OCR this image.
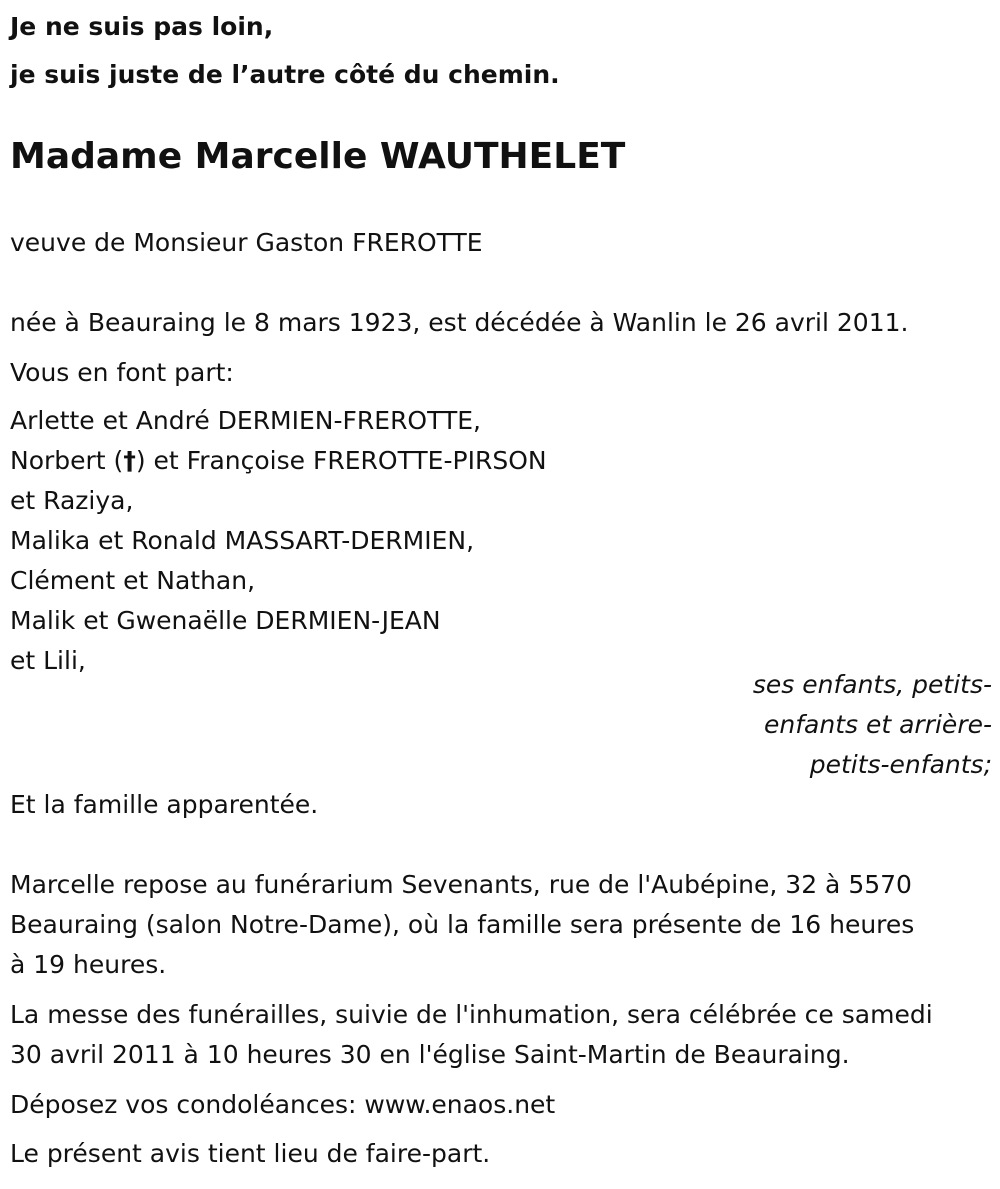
Je ne suis pas loin,
je suis juste de l’autre côté du chemin.
Madame Marcelle WAUTHELET
veuve de Monsieur Gaston FREROTTE
née à Beauraing le 8 mars 1923, est décédée à Wanlin le 26 avril 2011.
Vous en font part:
Arlette et André DERMIEN-FREROTTE,
Norbert (†) et Françoise FREROTTE-PIRSON
et Raziya,
Malika et Ronald MASSART-DERMIEN,
Clément et Nathan,
Malik et Gwenaëlle DERMIEN-JEAN
et Lili,
ses enfants, petits-
enfants et arrière-
petits-enfants;
Et la famille apparentée.
Marcelle repose au funérarium Sevenants, rue de l'Aubépine, 32 à 5570
Beauraing (salon Notre-Dame), où la famille sera présente de 16 heures
à 19 heures.
La messe des funérailles, suivie de l'inhumation, sera célébrée ce samedi
30 avril 2011 à 10 heures 30 en l'église Saint-Martin de Beauraing.
Déposez vos condoléances: www.enaos.net
Le présent avis tient lieu de faire-part.
